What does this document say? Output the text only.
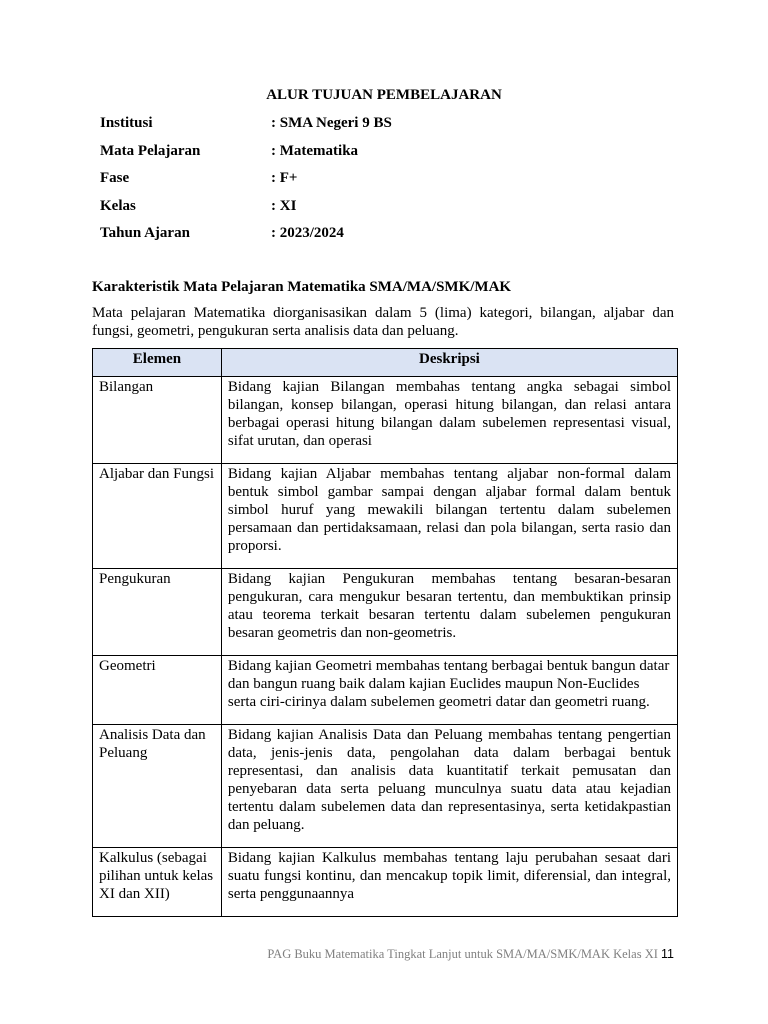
ALUR TUJUAN PEMBELAJARAN
Institusi	: SMA Negeri 9 BS
Mata Pelajaran	: Matematika
Fase	: F+
Kelas	: XI
Tahun Ajaran	: 2023/2024
Karakteristik Mata Pelajaran Matematika SMA/MA/SMK/MAK
Mata pelajaran Matematika diorganisasikan dalam 5 (lima) kategori, bilangan, aljabar dan fungsi, geometri, pengukuran serta analisis data dan peluang.
Elemen	Deskripsi
Bilangan	Bidang kajian Bilangan membahas tentang angka sebagai simbol bilangan, konsep bilangan, operasi hitung bilangan, dan relasi antara berbagai operasi hitung bilangan dalam subelemen representasi visual, sifat urutan, dan operasi
Aljabar dan Fungsi	Bidang kajian Aljabar membahas tentang aljabar non-formal dalam bentuk simbol gambar sampai dengan aljabar formal dalam bentuk simbol huruf yang mewakili bilangan tertentu dalam subelemen persamaan dan pertidaksamaan, relasi dan pola bilangan, serta rasio dan proporsi.
Pengukuran	Bidang kajian Pengukuran membahas tentang besaran-besaran pengukuran, cara mengukur besaran tertentu, dan membuktikan prinsip atau teorema terkait besaran tertentu dalam subelemen pengukuran besaran geometris dan non-geometris.
Geometri	Bidang kajian Geometri membahas tentang berbagai bentuk bangun datar dan bangun ruang baik dalam kajian Euclides maupun Non-Euclides serta ciri-cirinya dalam subelemen geometri datar dan geometri ruang.
Analisis Data dan Peluang	Bidang kajian Analisis Data dan Peluang membahas tentang pengertian data, jenis-jenis data, pengolahan data dalam berbagai bentuk representasi, dan analisis data kuantitatif terkait pemusatan dan penyebaran data serta peluang munculnya suatu data atau kejadian tertentu dalam subelemen data dan representasinya, serta ketidakpastian dan peluang.
Kalkulus (sebagai pilihan untuk kelas XI dan XII)	Bidang kajian Kalkulus membahas tentang laju perubahan sesaat dari suatu fungsi kontinu, dan mencakup topik limit, diferensial, dan integral, serta penggunaannya
PAG Buku Matematika Tingkat Lanjut untuk SMA/MA/SMK/MAK Kelas XI 11
